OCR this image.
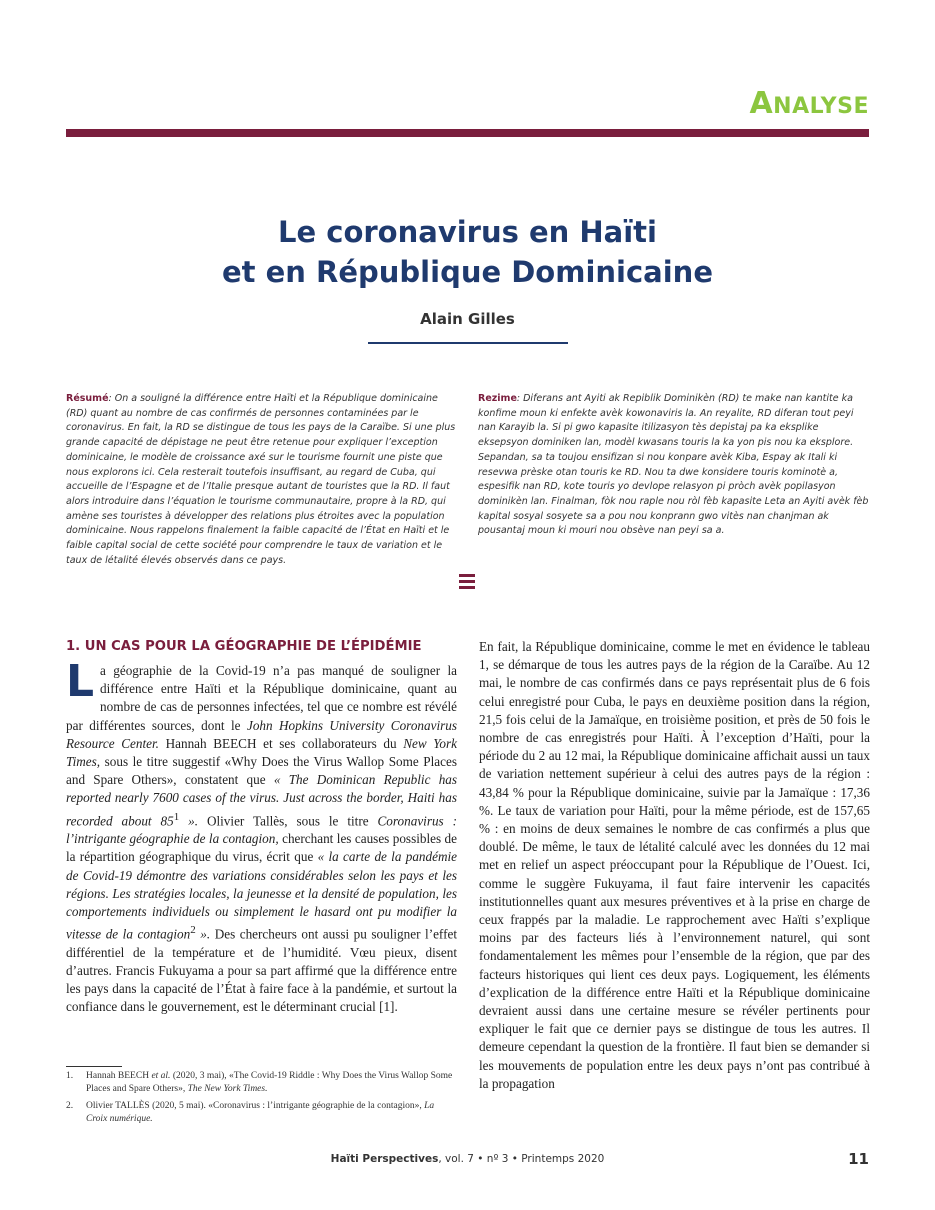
ANALYSE
Le coronavirus en Haïti
et en République Dominicaine
Alain Gilles
Résumé: On a souligné la différence entre Haïti et la République dominicaine (RD) quant au nombre de cas confirmés de personnes contaminées par le coronavirus. En fait, la RD se distingue de tous les pays de la Caraïbe. Si une plus grande capacité de dépistage ne peut être retenue pour expliquer l’exception dominicaine, le modèle de croissance axé sur le tourisme fournit une piste que nous explorons ici. Cela resterait toutefois insuffisant, au regard de Cuba, qui accueille de l’Espagne et de l’Italie presque autant de touristes que la RD. Il faut alors introduire dans l’équation le tourisme communautaire, propre à la RD, qui amène ses touristes à développer des relations plus étroites avec la population dominicaine. Nous rappelons finalement la faible capacité de l’État en Haïti et le faible capital social de cette société pour comprendre le taux de variation et le taux de létalité élevés observés dans ce pays.
Rezime: Diferans ant Ayiti ak Repiblik Dominikèn (RD) te make nan kantite ka konfime moun ki enfekte avèk kowonaviris la. An reyalite, RD diferan tout peyi nan Karayib la. Si pi gwo kapasite itilizasyon tès depistaj pa ka eksplike eksepsyon dominiken lan, modèl kwasans touris la ka yon pis nou ka eksplore. Sepandan, sa ta toujou ensifizan si nou konpare avèk Kiba, Espay ak Itali ki resevwa prèske otan touris ke RD. Nou ta dwe konsidere touris kominotè a, espesifik nan RD, kote touris yo devlope relasyon pi pròch avèk popilasyon dominikèn lan. Finalman, fòk nou raple nou ròl fèb kapasite Leta an Ayiti avèk fèb kapital sosyal sosyete sa a pou nou konprann gwo vitès nan chanjman ak pousantaj moun ki mouri nou obsève nan peyi sa a.
1. UN CAS POUR LA GÉOGRAPHIE DE L’ÉPIDÉMIE

La géographie de la Covid-19 n’a pas manqué de souligner la différence entre Haïti et la République dominicaine, quant au nombre de cas de personnes infectées, tel que ce nombre est révélé par différentes sources, dont le John Hopkins University Coronavirus Resource Center. Hannah BEECH et ses collaborateurs du New York Times, sous le titre suggestif «Why Does the Virus Wallop Some Places and Spare Others», constatent que « The Dominican Republic has reported nearly 7600 cases of the virus. Just across the border, Haiti has recorded about $85^1$ ». Olivier Tallès, sous le titre Coronavirus : l’intrigante géographie de la contagion, cherchant les causes possibles de la répartition géographique du virus, écrit que « la carte de la pandémie de Covid-19 démontre des variations considérables selon les pays et les régions. Les stratégies locales, la jeunesse et la densité de population, les comportements individuels ou simplement le hasard ont pu modifier la vitesse de la contagion$^2$ ». Des chercheurs ont aussi pu souligner l’effet différentiel de la température et de l’humidité. Vœu pieux, disent d’autres. Francis Fukuyama a pour sa part affirmé que la différence entre les pays dans la capacité de l’État à faire face à la pandémie, et surtout la confiance dans le gouvernement, est le déterminant crucial [1].

En fait, la République dominicaine, comme le met en évidence le tableau 1, se démarque de tous les autres pays de la région de la Caraïbe. Au 12 mai, le nombre de cas confirmés dans ce pays représentait plus de 6 fois celui enregistré pour Cuba, le pays en deuxième position dans la région, 21,5 fois celui de la Jamaïque, en troisième position, et près de 50 fois le nombre de cas enregistrés pour Haïti. À l’exception d’Haïti, pour la période du 2 au 12 mai, la République dominicaine affichait aussi un taux de variation nettement supérieur à celui des autres pays de la région : 43,84 % pour la République dominicaine, suivie par la Jamaïque : 17,36 %. Le taux de variation pour Haïti, pour la même période, est de 157,65 % : en moins de deux semaines le nombre de cas confirmés a plus que doublé. De même, le taux de létalité calculé avec les données du 12 mai met en relief un aspect préoccupant pour la République de l’Ouest. Ici, comme le suggère Fukuyama, il faut faire intervenir les capacités institutionnelles quant aux mesures préventives et à la prise en charge de ceux frappés par la maladie. Le rapprochement avec Haïti s’explique moins par des facteurs liés à l’environnement naturel, qui sont fondamentalement les mêmes pour l’ensemble de la région, que par des facteurs historiques qui lient ces deux pays. Logiquement, les éléments d’explication de la différence entre Haïti et la République dominicaine devraient aussi dans une certaine mesure se révéler pertinents pour expliquer le fait que ce dernier pays se distingue de tous les autres. Il demeure cependant la question de la frontière. Il faut bien se demander si les mouvements de population entre les deux pays n’ont pas contribué à la propagation

1.	Hannah BEECH et al. (2020, 3 mai), «The Covid-19 Riddle : Why Does the Virus Wallop Some Places and Spare Others», The New York Times.
2.	Olivier TALLÈS (2020, 5 mai). «Coronavirus : l’intrigante géographie de la contagion», La Croix numérique.
Haïti Perspectives, vol. 7 • nº 3 • Printemps 2020	11
